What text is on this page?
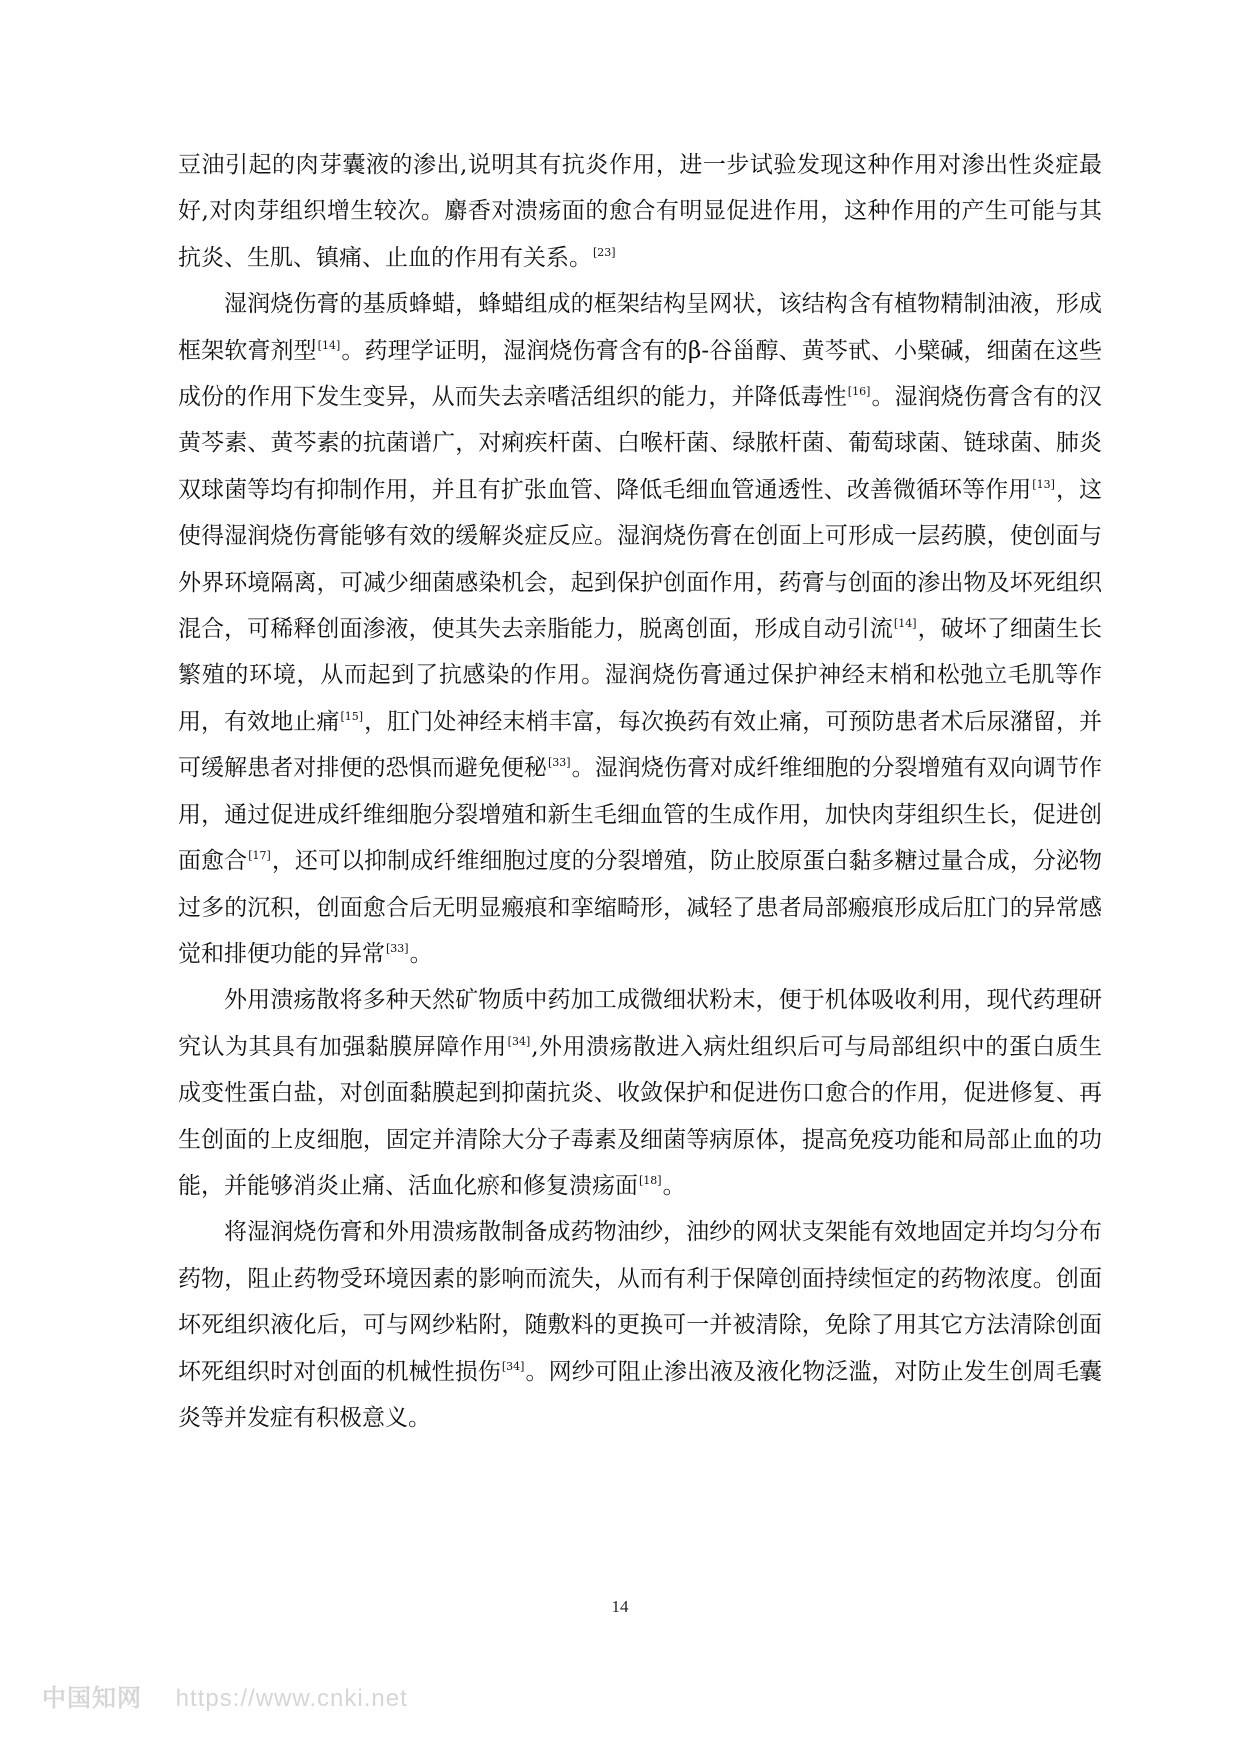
豆油引起的肉芽囊液的渗出,说明其有抗炎作用，进一步试验发现这种作用对渗出性炎症最好,对肉芽组织增生较次。麝香对溃疡面的愈合有明显促进作用，这种作用的产生可能与其抗炎、生肌、镇痛、止血的作用有关系。[23]

湿润烧伤膏的基质蜂蜡，蜂蜡组成的框架结构呈网状，该结构含有植物精制油液，形成框架软膏剂型[14]。药理学证明，湿润烧伤膏含有的β-谷甾醇、黄芩甙、小檗碱，细菌在这些成份的作用下发生变异，从而失去亲嗜活组织的能力，并降低毒性[16]。湿润烧伤膏含有的汉黄芩素、黄芩素的抗菌谱广，对痢疾杆菌、白喉杆菌、绿脓杆菌、葡萄球菌、链球菌、肺炎双球菌等均有抑制作用，并且有扩张血管、降低毛细血管通透性、改善微循环等作用[13]，这使得湿润烧伤膏能够有效的缓解炎症反应。湿润烧伤膏在创面上可形成一层药膜，使创面与外界环境隔离，可减少细菌感染机会，起到保护创面作用，药膏与创面的渗出物及坏死组织混合，可稀释创面渗液，使其失去亲脂能力，脱离创面，形成自动引流[14]，破坏了细菌生长繁殖的环境，从而起到了抗感染的作用。湿润烧伤膏通过保护神经末梢和松弛立毛肌等作用，有效地止痛[15]，肛门处神经末梢丰富，每次换药有效止痛，可预防患者术后尿潴留，并可缓解患者对排便的恐惧而避免便秘[33]。湿润烧伤膏对成纤维细胞的分裂增殖有双向调节作用，通过促进成纤维细胞分裂增殖和新生毛细血管的生成作用，加快肉芽组织生长，促进创面愈合[17]，还可以抑制成纤维细胞过度的分裂增殖，防止胶原蛋白黏多糖过量合成，分泌物过多的沉积，创面愈合后无明显瘢痕和挛缩畸形，减轻了患者局部瘢痕形成后肛门的异常感觉和排便功能的异常[33]。

外用溃疡散将多种天然矿物质中药加工成微细状粉末，便于机体吸收利用，现代药理研究认为其具有加强黏膜屏障作用[34],外用溃疡散进入病灶组织后可与局部组织中的蛋白质生成变性蛋白盐，对创面黏膜起到抑菌抗炎、收敛保护和促进伤口愈合的作用，促进修复、再生创面的上皮细胞，固定并清除大分子毒素及细菌等病原体，提高免疫功能和局部止血的功能，并能够消炎止痛、活血化瘀和修复溃疡面[18]。

将湿润烧伤膏和外用溃疡散制备成药物油纱，油纱的网状支架能有效地固定并均匀分布药物，阻止药物受环境因素的影响而流失，从而有利于保障创面持续恒定的药物浓度。创面坏死组织液化后，可与网纱粘附，随敷料的更换可一并被清除，免除了用其它方法清除创面坏死组织时对创面的机械性损伤[34]。网纱可阻止渗出液及液化物泛滥，对防止发生创周毛囊炎等并发症有积极意义。

14
中国知网 https://www.cnki.net
